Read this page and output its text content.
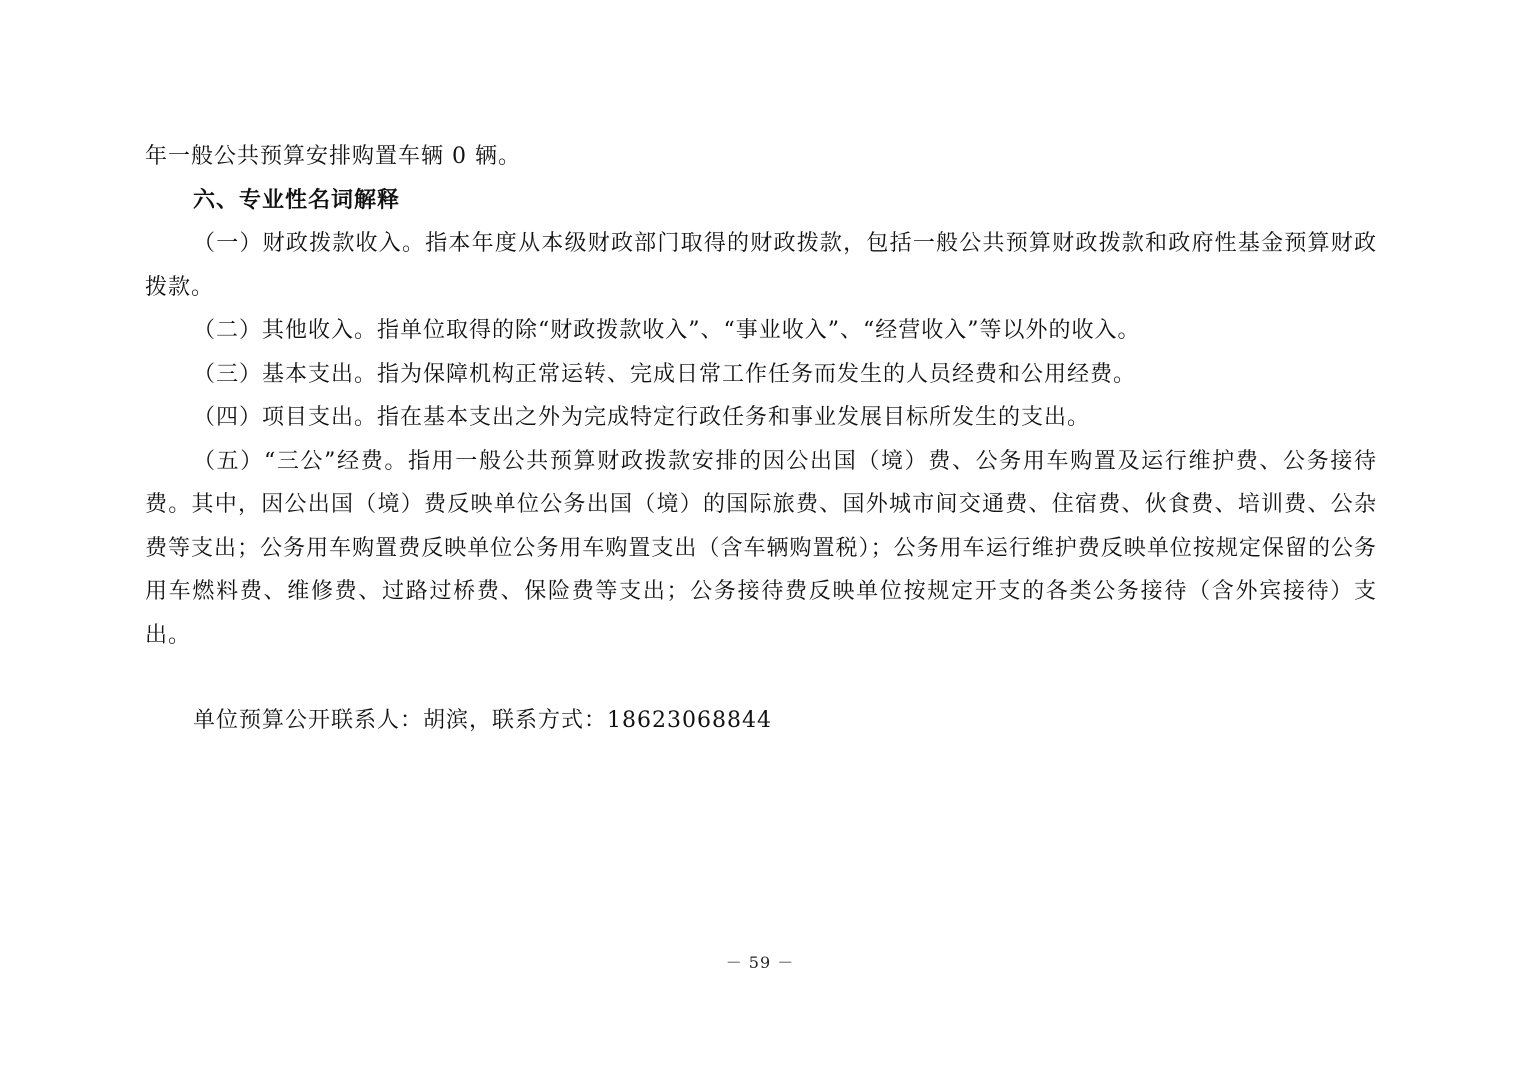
年一般公共预算安排购置车辆 0 辆。

六、专业性名词解释

（一）财政拨款收入。指本年度从本级财政部门取得的财政拨款，包括一般公共预算财政拨款和政府性基金预算财政拨款。

（二）其他收入。指单位取得的除“财政拨款收入”、“事业收入”、“经营收入”等以外的收入。

（三）基本支出。指为保障机构正常运转、完成日常工作任务而发生的人员经费和公用经费。

（四）项目支出。指在基本支出之外为完成特定行政任务和事业发展目标所发生的支出。

（五）“三公”经费。指用一般公共预算财政拨款安排的因公出国（境）费、公务用车购置及运行维护费、公务接待费。其中，因公出国（境）费反映单位公务出国（境）的国际旅费、国外城市间交通费、住宿费、伙食费、培训费、公杂费等支出；公务用车购置费反映单位公务用车购置支出（含车辆购置税）；公务用车运行维护费反映单位按规定保留的公务用车燃料费、维修费、过路过桥费、保险费等支出；公务接待费反映单位按规定开支的各类公务接待（含外宾接待）支出。

单位预算公开联系人：胡滨，联系方式：18623068844
－ 59 －
